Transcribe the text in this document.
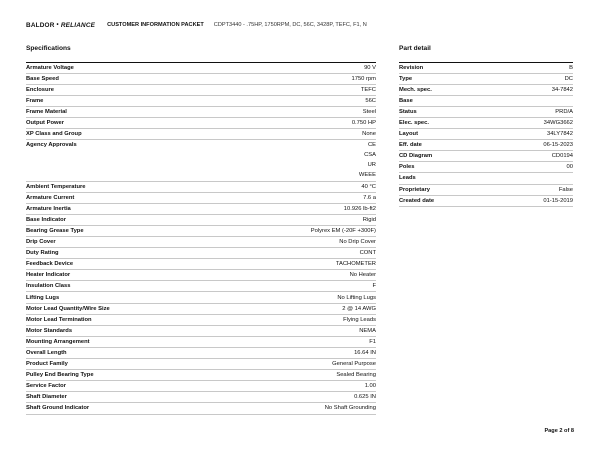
BALDOR • RELIANCE CUSTOMER INFORMATION PACKET CDPT3440 - .75HP, 1750RPM, DC, 56C, 3428P, TEFC, F1, N
Specifications
Armature Voltage	90 V
Base Speed	1750 rpm
Enclosure	TEFC
Frame	56C
Frame Material	Steel
Output Power	0.750 HP
XP Class and Group	None
Agency Approvals	CE
	CSA
	UR
	WEEE
Ambient Temperature	40 °C
Armature Current	7.6 a
Armature Inertia	10.926 lb-ft2
Base Indicator	Rigid
Bearing Grease Type	Polyrex EM (-20F +300F)
Drip Cover	No Drip Cover
Duty Rating	CONT
Feedback Device	TACHOMETER
Heater Indicator	No Heater
Insulation Class	F
Lifting Lugs	No Lifting Lugs
Motor Lead Quantity/Wire Size	2 @ 14 AWG
Motor Lead Termination	Flying Leads
Motor Standards	NEMA
Mounting Arrangement	F1
Overall Length	16.64 IN
Product Family	General Purpose
Pulley End Bearing Type	Sealed Bearing
Service Factor	1.00
Shaft Diameter	0.625 IN
Shaft Ground Indicator	No Shaft Grounding
Part detail
Revision	B
Type	DC
Mech. spec.	34-7842
Base	
Status	PRD/A
Elec. spec.	34WG3662
Layout	34LY7842
Eff. date	06-15-2023
CD Diagram	CD0194
Poles	00
Leads	
Proprietary	False
Created date	01-15-2019
Page 2 of 8
